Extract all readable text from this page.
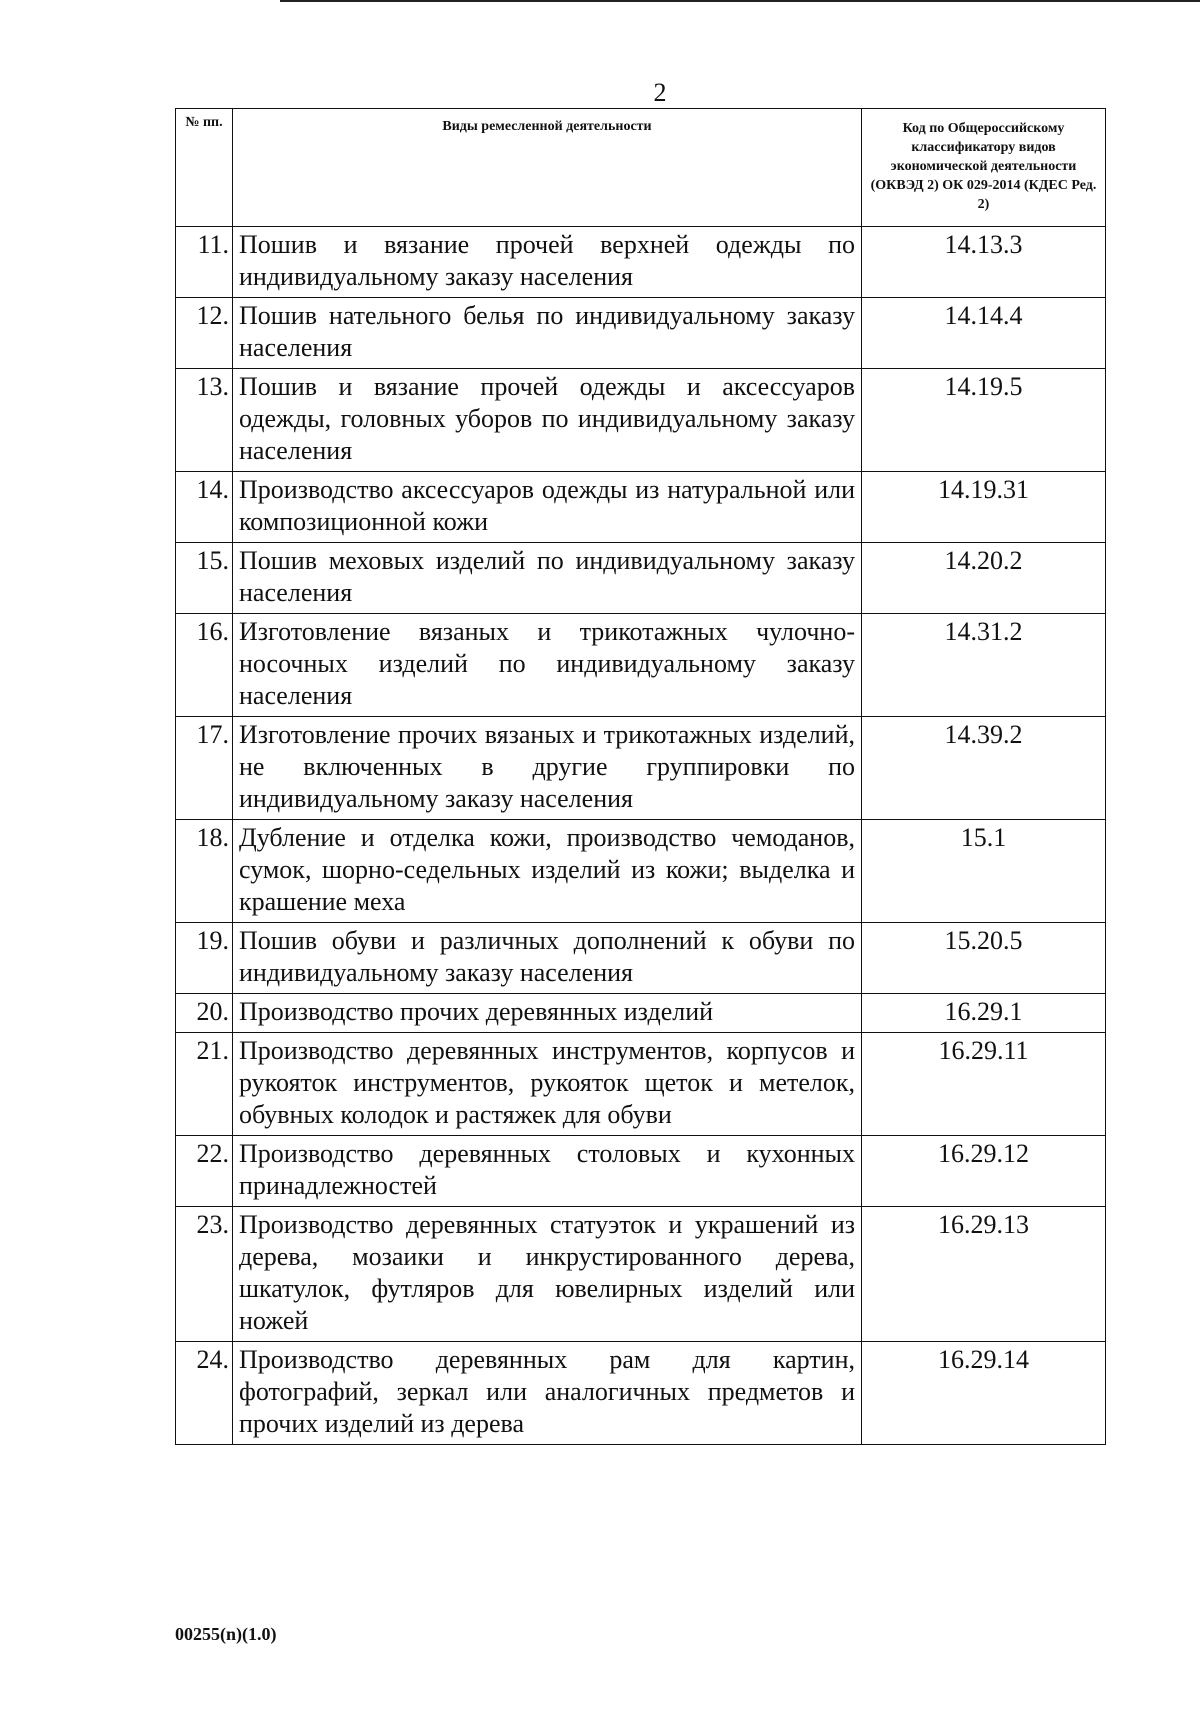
2
№ пп.	Виды ремесленной деятельности	Код по Общероссийскому классификатору видов экономической деятельности (ОКВЭД 2) ОК 029-2014 (КДЕС Ред. 2)
11.	Пошив и вязание прочей верхней одежды по индивидуальному заказу населения	14.13.3
12.	Пошив нательного белья по индивидуальному заказу населения	14.14.4
13.	Пошив и вязание прочей одежды и аксессуаров одежды, головных уборов по индивидуальному заказу населения	14.19.5
14.	Производство аксессуаров одежды из натуральной или композиционной кожи	14.19.31
15.	Пошив меховых изделий по индивидуальному заказу населения	14.20.2
16.	Изготовление вязаных и трикотажных чулочно-носочных изделий по индивидуальному заказу населения	14.31.2
17.	Изготовление прочих вязаных и трикотажных изделий, не включенных в другие группировки по индивидуальному заказу населения	14.39.2
18.	Дубление и отделка кожи, производство чемоданов, сумок, шорно-седельных изделий из кожи; выделка и крашение меха	15.1
19.	Пошив обуви и различных дополнений к обуви по индивидуальному заказу населения	15.20.5
20.	Производство прочих деревянных изделий	16.29.1
21.	Производство деревянных инструментов, корпусов и рукояток инструментов, рукояток щеток и метелок, обувных колодок и растяжек для обуви	16.29.11
22.	Производство деревянных столовых и кухонных принадлежностей	16.29.12
23.	Производство деревянных статуэток и украшений из дерева, мозаики и инкрустированного дерева, шкатулок, футляров для ювелирных изделий или ножей	16.29.13
24.	Производство деревянных рам для картин, фотографий, зеркал или аналогичных предметов и прочих изделий из дерева	16.29.14
00255(n)(1.0)
